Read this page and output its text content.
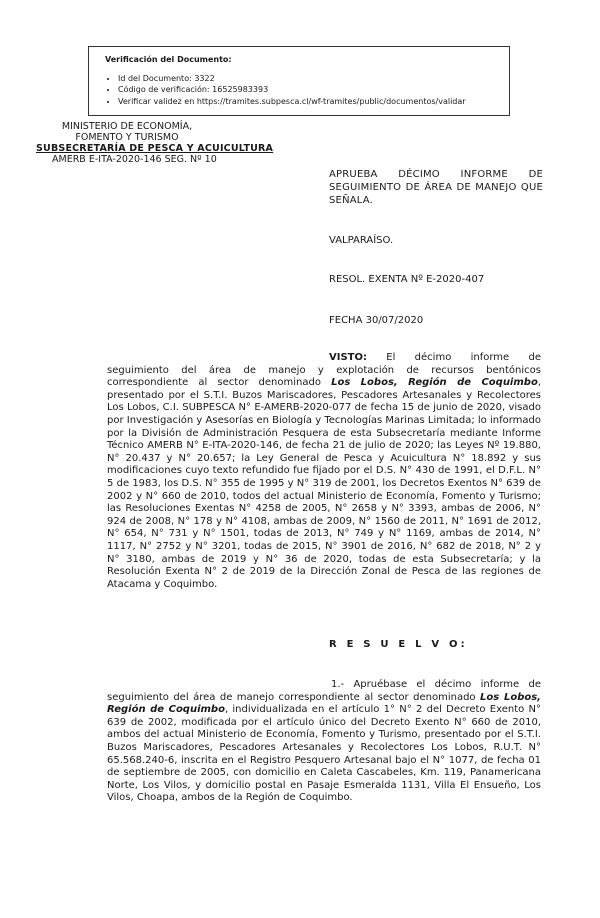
Verificación del Documento:
• Id del Documento: 3322
• Código de verificación: 16525983393
• Verificar validez en https://tramites.subpesca.cl/wf-tramites/public/documentos/validar
MINISTERIO DE ECONOMÍA,
FOMENTO Y TURISMO
SUBSECRETARÍA DE PESCA Y ACUICULTURA
AMERB E-ITA-2020-146 SEG. Nº 10
APRUEBA DÉCIMO INFORME DE SEGUIMIENTO DE ÁREA DE MANEJO QUE SEÑALA.
VALPARAÍSO.
RESOL. EXENTA Nº E-2020-407
FECHA 30/07/2020

VISTO: El décimo informe de seguimiento del área de manejo y explotación de recursos bentónicos correspondiente al sector denominado Los Lobos, Región de Coquimbo, presentado por el S.T.I. Buzos Mariscadores, Pescadores Artesanales y Recolectores Los Lobos, C.I. SUBPESCA N° E-AMERB-2020-077 de fecha 15 de junio de 2020, visado por Investigación y Asesorías en Biología y Tecnologías Marinas Limitada; lo informado por la División de Administración Pesquera de esta Subsecretaría mediante Informe Técnico AMERB N° E-ITA-2020-146, de fecha 21 de julio de 2020; las Leyes Nº 19.880, N° 20.437 y N° 20.657; la Ley General de Pesca y Acuicultura N° 18.892 y sus modificaciones cuyo texto refundido fue fijado por el D.S. N° 430 de 1991, el D.F.L. N° 5 de 1983, los D.S. N° 355 de 1995 y N° 319 de 2001, los Decretos Exentos N° 639 de 2002 y N° 660 de 2010, todos del actual Ministerio de Economía, Fomento y Turismo; las Resoluciones Exentas N° 4258 de 2005, N° 2658 y N° 3393, ambas de 2006, N° 924 de 2008, N° 178 y N° 4108, ambas de 2009, N° 1560 de 2011, N° 1691 de 2012, N° 654, N° 731 y N° 1501, todas de 2013, N° 749 y N° 1169, ambas de 2014, N° 1117, N° 2752 y N° 3201, todas de 2015, N° 3901 de 2016, N° 682 de 2018, N° 2 y N° 3180, ambas de 2019 y N° 36 de 2020, todas de esta Subsecretaría; y la Resolución Exenta N° 2 de 2019 de la Dirección Zonal de Pesca de las regiones de Atacama y Coquimbo.

R E S U E L V O:

1.- Apruébase el décimo informe de seguimiento del área de manejo correspondiente al sector denominado Los Lobos, Región de Coquimbo, individualizada en el artículo 1° N° 2 del Decreto Exento N° 639 de 2002, modificada por el artículo único del Decreto Exento N° 660 de 2010, ambos del actual Ministerio de Economía, Fomento y Turismo, presentado por el S.T.I. Buzos Mariscadores, Pescadores Artesanales y Recolectores Los Lobos, R.U.T. N° 65.568.240-6, inscrita en el Registro Pesquero Artesanal bajo el N° 1077, de fecha 01 de septiembre de 2005, con domicilio en Caleta Cascabeles, Km. 119, Panamericana Norte, Los Vilos, y domicilio postal en Pasaje Esmeralda 1131, Villa El Ensueño, Los Vilos, Choapa, ambos de la Región de Coquimbo.
